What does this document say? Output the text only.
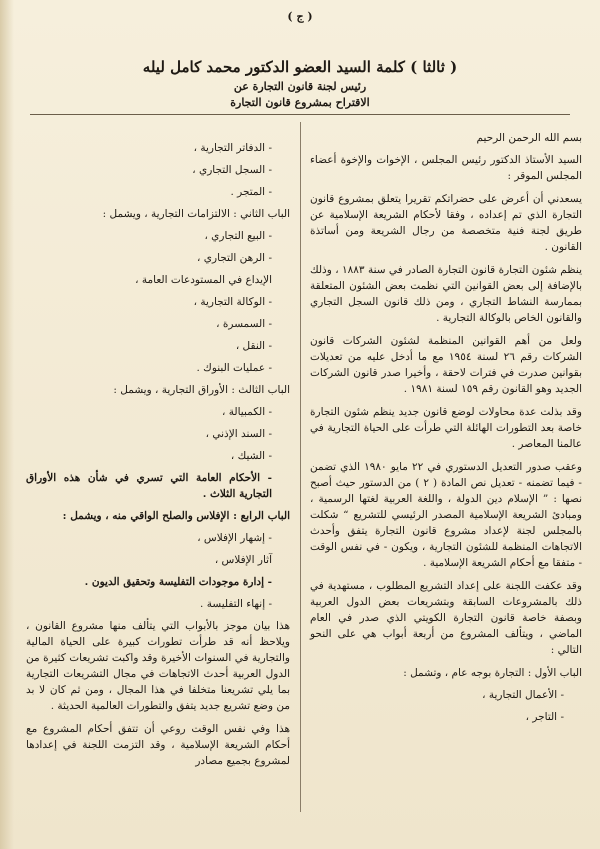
( ج )
( ثالثا ) كلمة السيد العضو الدكتور محمد كامل ليله
رئيس لجنة قانون التجارة عن
الاقتراح بمشروع قانون التجارة

بسم الله الرحمن الرحيم

السيد الأستاذ الدكتور رئيس المجلس ، الإخوات والإخوة أعضاء المجلس الموقر :

يسعدني أن أعرض على حضراتكم تقريرا يتعلق بمشروع قانون التجارة الذي تم إعداده ، وفقا لأحكام الشريعة الإسلامية عن طريق لجنة فنية متخصصة من رجال الشريعة ومن أساتذة القانون .

ينظم شئون التجارة قانون التجارة الصادر في سنة ١٨٨٣ ، وذلك بالإضافة إلى بعض القوانين التي نظمت بعض الشئون المتعلقة بممارسة النشاط التجاري ، ومن ذلك قانون السجل التجاري والقانون الخاص بالوكالة التجارية .

ولعل من أهم القوانين المنظمة لشئون الشركات قانون الشركات رقم ٢٦ لسنة ١٩٥٤ مع ما أدخل عليه من تعديلات بقوانين صدرت في فترات لاحقة ، وأخيرا صدر قانون الشركات الجديد وهو القانون رقم ١٥٩ لسنة ١٩٨١ .

وقد بذلت عدة محاولات لوضع قانون جديد ينظم شئون التجارة خاصة بعد التطورات الهائلة التي طرأت على الحياة التجارية في عالمنا المعاصر .

وعقب صدور التعديل الدستوري في ٢٢ مايو ١٩٨٠ الذي تضمن - فيما تضمنه - تعديل نص المادة ( ٢ ) من الدستور حيث أصبح نصها : ” الإسلام دين الدولة ، واللغة العربية لغتها الرسمية ، ومبادئ الشريعة الإسلامية المصدر الرئيسي للتشريع “ شكلت بالمجلس لجنة لإعداد مشروع قانون التجارة يتفق وأحدث الاتجاهات المنظمة للشئون التجارية ، ويكون - في نفس الوقت - متفقا مع أحكام الشريعة الإسلامية .

وقد عكفت اللجنة على إعداد التشريع المطلوب ، مستهدية في ذلك بالمشروعات السابقة وبتشريعات بعض الدول العربية وبصفة خاصة قانون التجارة الكويتي الذي صدر في العام الماضي ، ويتألف المشروع من أربعة أبواب هي على النحو التالي :

الباب الأول : التجارة بوجه عام ، وتشمل :

- الأعمال التجارية ،

- التاجر ،

- الدفاتر التجارية ،

- السجل التجاري ،

- المتجر .

الباب الثاني : الالتزامات التجارية ، ويشمل :

- البيع التجاري ،

- الرهن التجاري ،

الإيداع في المستودعات العامة ،

- الوكالة التجارية ،

- السمسرة ،

- النقل ،

- عمليات البنوك .

الباب الثالث : الأوراق التجارية ، ويشمل :

- الكمبيالة ،

- السند الإذني ،

- الشيك ،

- الأحكام العامة التي تسري في شأن هذه الأوراق التجارية الثلاث .

الباب الرابع : الإفلاس والصلح الواقي منه ، ويشمل :

- إشهار الإفلاس ،

آثار الإفلاس ،

- إدارة موجودات التفليسة وتحقيق الديون .

- إنهاء التفليسة .

هذا بيان موجز بالأبواب التي يتألف منها مشروع القانون ، ويلاحظ أنه قد طرأت تطورات كبيرة على الحياة المالية والتجارية في السنوات الأخيرة وقد واكبت تشريعات كثيرة من الدول العربية أحدث الاتجاهات في مجال التشريعات التجارية بما يلي تشريعنا متخلفا في هذا المجال ، ومن ثم كان لا بد من وضع تشريع جديد يتفق والتطورات العالمية الحديثة .

هذا وفي نفس الوقت روعي أن تتفق أحكام المشروع مع أحكام الشريعة الإسلامية ، وقد التزمت اللجنة في إعدادها لمشروع بجميع مصادر
